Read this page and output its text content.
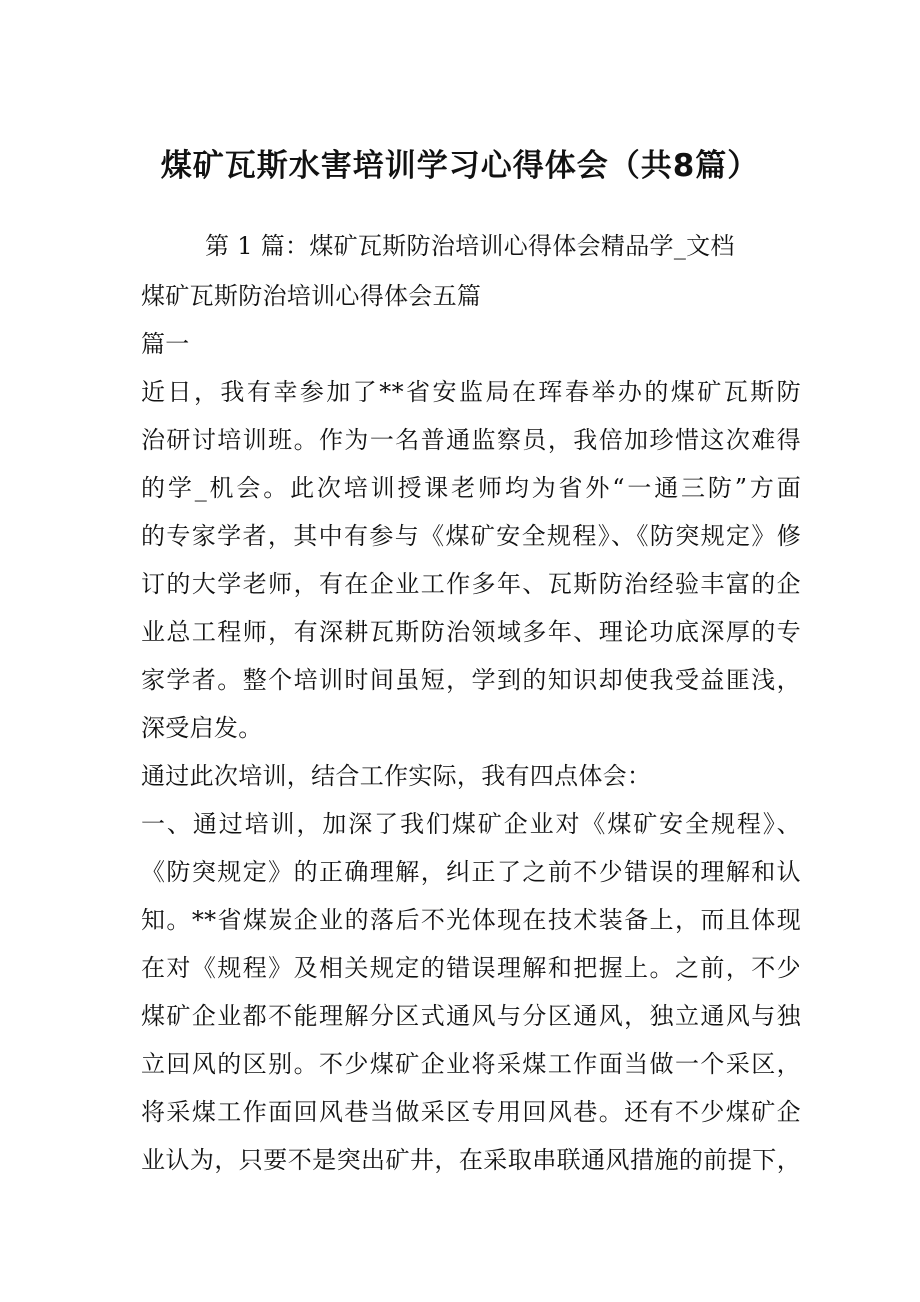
煤矿瓦斯水害培训学习心得体会（共8篇）
第 1 篇：煤矿瓦斯防治培训心得体会精品学_文档
煤矿瓦斯防治培训心得体会五篇
篇一
近日，我有幸参加了**省安监局在珲春举办的煤矿瓦斯防
治研讨培训班。作为一名普通监察员，我倍加珍惜这次难得
的学_机会。此次培训授课老师均为省外“一通三防”方面
的专家学者，其中有参与《煤矿安全规程》、《防突规定》修
订的大学老师，有在企业工作多年、瓦斯防治经验丰富的企
业总工程师，有深耕瓦斯防治领域多年、理论功底深厚的专
家学者。整个培训时间虽短，学到的知识却使我受益匪浅，
深受启发。
通过此次培训，结合工作实际，我有四点体会：
一、通过培训，加深了我们煤矿企业对《煤矿安全规程》、
《防突规定》的正确理解，纠正了之前不少错误的理解和认
知。**省煤炭企业的落后不光体现在技术装备上，而且体现
在对《规程》及相关规定的错误理解和把握上。之前，不少
煤矿企业都不能理解分区式通风与分区通风，独立通风与独
立回风的区别。不少煤矿企业将采煤工作面当做一个采区，
将采煤工作面回风巷当做采区专用回风巷。还有不少煤矿企
业认为，只要不是突出矿井，在采取串联通风措施的前提下，
